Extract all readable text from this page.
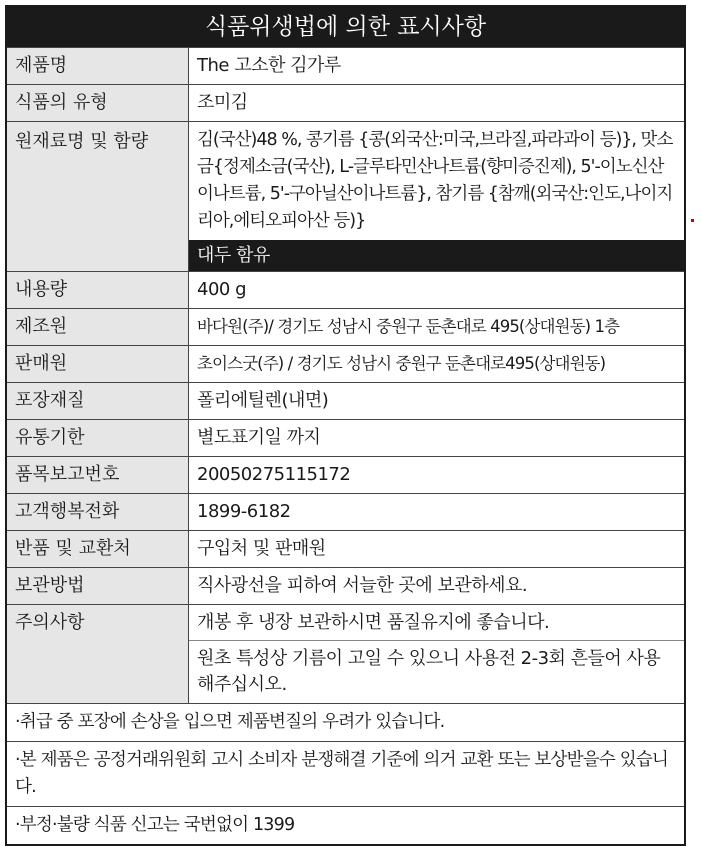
식품위생법에 의한 표시사항
제품명	The 고소한 김가루
식품의 유형	조미김
원재료명 및 함량	김(국산)48 %, 콩기름 {콩(외국산:미국,브라질,파라과이 등)}, 맛소금{정제소금(국산), L-글루타민산나트륨(향미증진제), 5'-이노신산이나트륨, 5'-구아닐산이나트륨}, 참기름 {참깨(외국산:인도,나이지리아,에티오피아산 등)}
대두 함유
내용량	400 g
제조원	바다원(주)/ 경기도 성남시 중원구 둔촌대로 495(상대원동) 1층
판매원	초이스굿(주) / 경기도 성남시 중원구 둔촌대로495(상대원동)
포장재질	폴리에틸렌(내면)
유통기한	별도표기일 까지
품목보고번호	20050275115172
고객행복전화	1899-6182
반품 및 교환처	구입처 및 판매원
보관방법	직사광선을 피하여 서늘한 곳에 보관하세요.
주의사항	개봉 후 냉장 보관하시면 품질유지에 좋습니다.
원초 특성상 기름이 고일 수 있으니 사용전 2-3회 흔들어 사용해주십시오.
·취급 중 포장에 손상을 입으면 제품변질의 우려가 있습니다.
·본 제품은 공정거래위원회 고시 소비자 분쟁해결 기준에 의거 교환 또는 보상받을수 있습니다.
·부정·불량 식품 신고는 국번없이 1399
